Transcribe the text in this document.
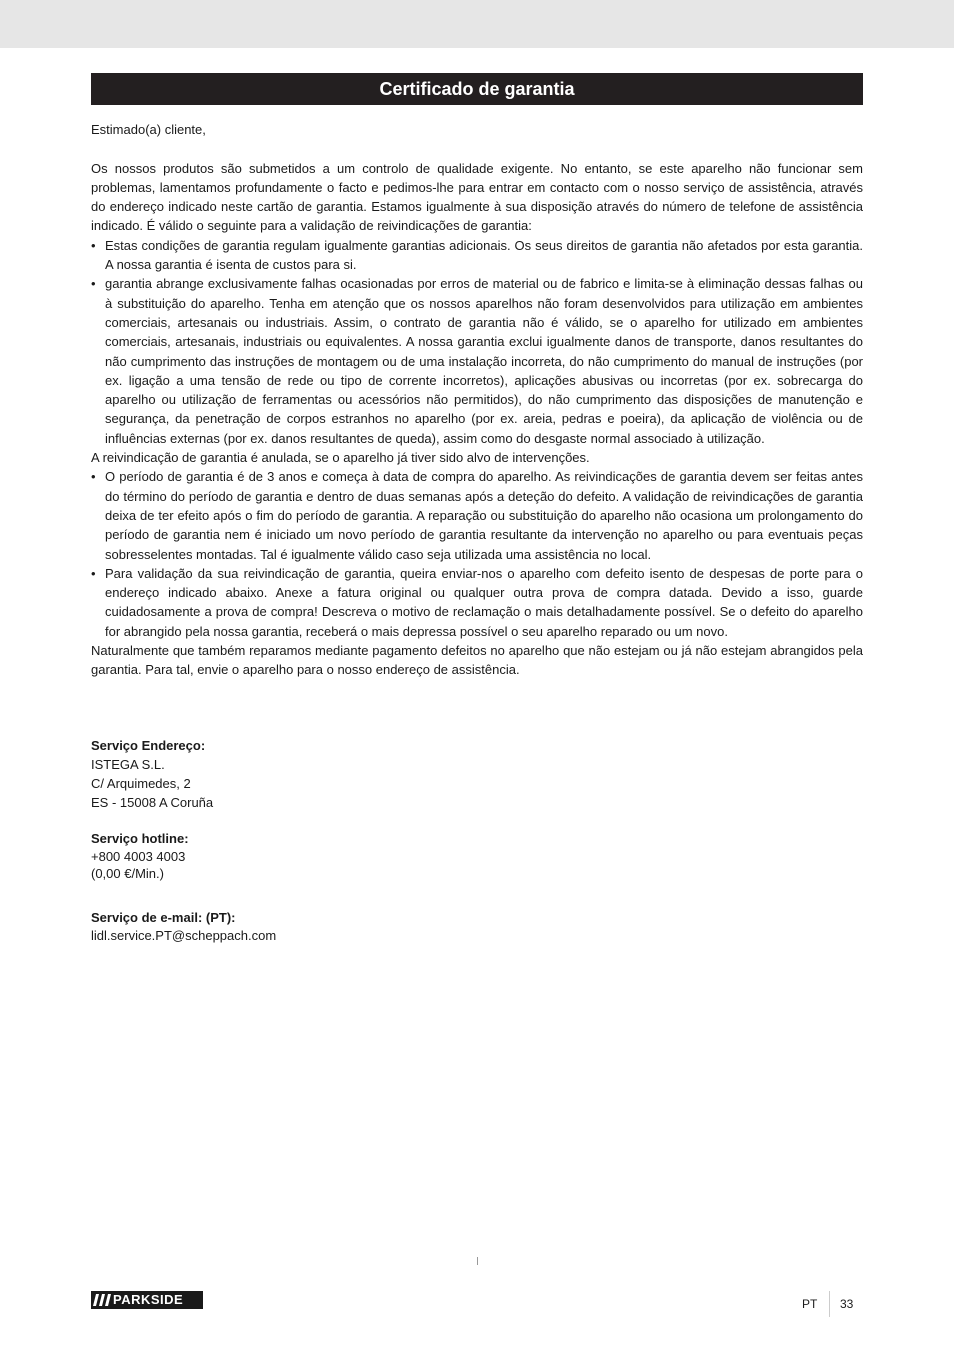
Certificado de garantia

Estimado(a) cliente,

Os nossos produtos são submetidos a um controlo de qualidade exigente. No entanto, se este aparelho não funcionar sem problemas, lamentamos profundamente o facto e pedimos-lhe para entrar em contacto com o nosso serviço de assistência, através do endereço indicado neste cartão de garantia. Estamos igualmente à sua disposição através do número de telefone de assistência indicado. É válido o seguinte para a validação de reivindicações de garantia:

• Estas condições de garantia regulam igualmente garantias adicionais. Os seus direitos de garantia não afetados por esta garantia. A nossa garantia é isenta de custos para si.
• garantia abrange exclusivamente falhas ocasionadas por erros de material ou de fabrico e limita-se à eliminação dessas falhas ou à substituição do aparelho. Tenha em atenção que os nossos aparelhos não foram desenvolvidos para utilização em ambientes comerciais, artesanais ou industriais. Assim, o contrato de garantia não é válido, se o aparelho for utilizado em ambientes comerciais, artesanais, industriais ou equivalentes. A nossa garantia exclui igualmente danos de transporte, danos resultantes do não cumprimento das instruções de montagem ou de uma instalação incorreta, do não cumprimento do manual de instruções (por ex. ligação a uma tensão de rede ou tipo de corrente incorretos), aplicações abusivas ou incorretas (por ex. sobrecarga do aparelho ou utilização de ferramentas ou acessórios não permitidos), do não cumprimento das disposições de manutenção e segurança, da penetração de corpos estranhos no aparelho (por ex. areia, pedras e poeira), da aplicação de violência ou de influências externas (por ex. danos resultantes de queda), assim como do desgaste normal associado à utilização.

A reivindicação de garantia é anulada, se o aparelho já tiver sido alvo de intervenções.

• O período de garantia é de 3 anos e começa à data de compra do aparelho. As reivindicações de garantia devem ser feitas antes do término do período de garantia e dentro de duas semanas após a deteção do defeito. A validação de reivindicações de garantia deixa de ter efeito após o fim do período de garantia. A reparação ou substituição do aparelho não ocasiona um prolongamento do período de garantia nem é iniciado um novo período de garantia resultante da intervenção no aparelho ou para eventuais peças sobresselentes montadas. Tal é igualmente válido caso seja utilizada uma assistência no local.
• Para validação da sua reivindicação de garantia, queira enviar-nos o aparelho com defeito isento de despesas de porte para o endereço indicado abaixo. Anexe a fatura original ou qualquer outra prova de compra datada. Devido a isso, guarde cuidadosamente a prova de compra! Descreva o motivo de reclamação o mais detalhadamente possível. Se o defeito do aparelho for abrangido pela nossa garantia, receberá o mais depressa possível o seu aparelho reparado ou um novo.

Naturalmente que também reparamos mediante pagamento defeitos no aparelho que não estejam ou já não estejam abrangidos pela garantia. Para tal, envie o aparelho para o nosso endereço de assistência.

Serviço Endereço:
ISTEGA S.L.
C/ Arquimedes, 2
ES - 15008 A Coruña
Serviço hotline:
+800 4003 4003
(0,00 €/Min.)
Serviço de e-mail: (PT):
lidl.service.PT@scheppach.com
PARKSIDE	PT 33
